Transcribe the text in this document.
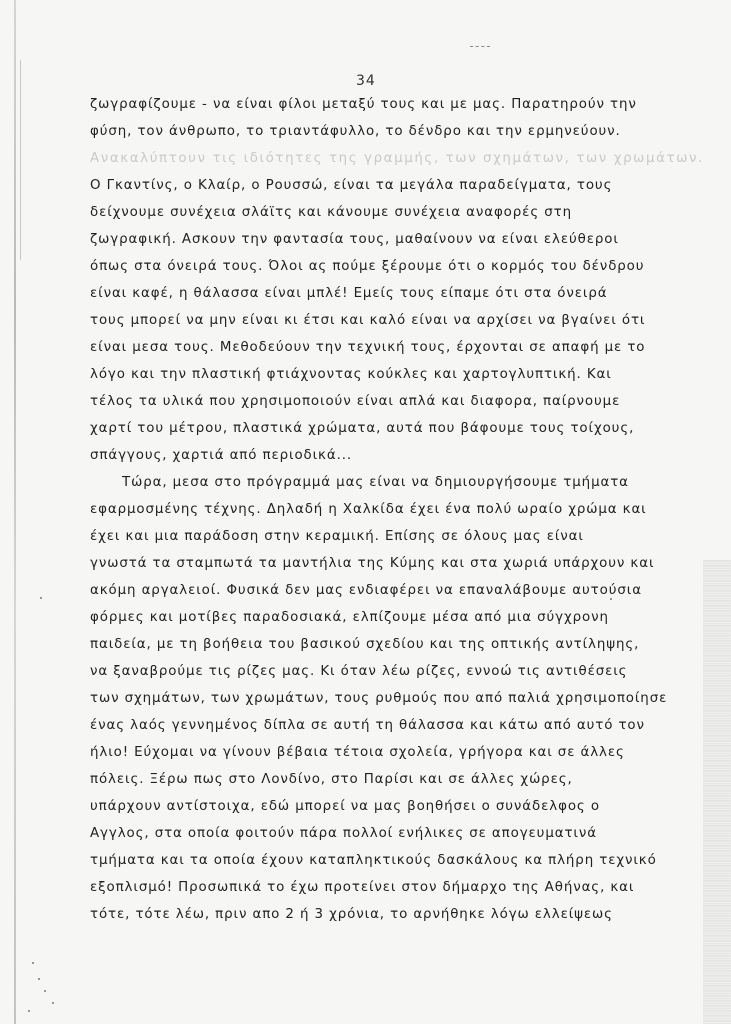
34
ζωγραφίζουμε - να είναι φίλοι μεταξύ τους και με μας. Παρατηρούν την
φύση, τον άνθρωπο, το τριαντάφυλλο, το δένδρο και την ερμηνεύουν.
Ανακαλύπτουν τις ιδιότητες της γραμμής, των σχημάτων, των χρωμάτων.
Ο Γκαντίνς, ο Κλαίρ, ο Ρουσσώ, είναι τα μεγάλα παραδείγματα, τους
δείχνουμε συνέχεια σλάϊτς και κάνουμε συνέχεια αναφορές στη
ζωγραφική. Ασκουν την φαντασία τους, μαθαίνουν να είναι ελεύθεροι
όπως στα όνειρά τους. Όλοι ας πούμε ξέρουμε ότι ο κορμός του δένδρου
είναι καφέ, η θάλασσα είναι μπλέ! Εμείς τους είπαμε ότι στα όνειρά
τους μπορεί να μην είναι κι έτσι και καλό είναι να αρχίσει να βγαίνει ότι
είναι μεσα τους. Μεθοδεύουν την τεχνική τους, έρχονται σε απαφή με το
λόγο και την πλαστική φτιάχνοντας κούκλες και χαρτογλυπτική. Και
τέλος τα υλικά που χρησιμοποιούν είναι απλά και διαφορα, παίρνουμε
χαρτί του μέτρου, πλαστικά χρώματα, αυτά που βάφουμε τους τοίχους,
σπάγγους, χαρτιά από περιοδικά...
Τώρα, μεσα στο πρόγραμμά μας είναι να δημιουργήσουμε τμήματα
εφαρμοσμένης τέχνης. Δηλαδή η Χαλκίδα έχει ένα πολύ ωραίο χρώμα και
έχει και μια παράδοση στην κεραμική. Επίσης σε όλους μας είναι
γνωστά τα σταμπωτά τα μαντήλια της Κύμης και στα χωριά υπάρχουν και
ακόμη αργαλειοί. Φυσικά δεν μας ενδιαφέρει να επαναλάβουμε αυτούσια
φόρμες και μοτίβες παραδοσιακά, ελπίζουμε μέσα από μια σύγχρονη
παιδεία, με τη βοήθεια του βασικού σχεδίου και της οπτικής αντίληψης,
να ξαναβρούμε τις ρίζες μας. Κι όταν λέω ρίζες, εννοώ τις αντιθέσεις
των σχημάτων, των χρωμάτων, τους ρυθμούς που από παλιά χρησιμοποίησε
ένας λαός γεννημένος δίπλα σε αυτή τη θάλασσα και κάτω από αυτό τον
ήλιο! Εύχομαι να γίνουν βέβαια τέτοια σχολεία, γρήγορα και σε άλλες
πόλεις. Ξέρω πως στο Λονδίνο, στο Παρίσι και σε άλλες χώρες,
υπάρχουν αντίστοιχα, εδώ μπορεί να μας βοηθήσει ο συνάδελφος ο
Αγγλος, στα οποία φοιτούν πάρα πολλοί ενήλικες σε απογευματινά
τμήματα και τα οποία έχουν καταπληκτικούς δασκάλους κα πλήρη τεχνικό
εξοπλισμό! Προσωπικά το έχω προτείνει στον δήμαρχο της Αθήνας, και
τότε, τότε λέω, πριν απο 2 ή 3 χρόνια, το αρνήθηκε λόγω ελλείψεως
